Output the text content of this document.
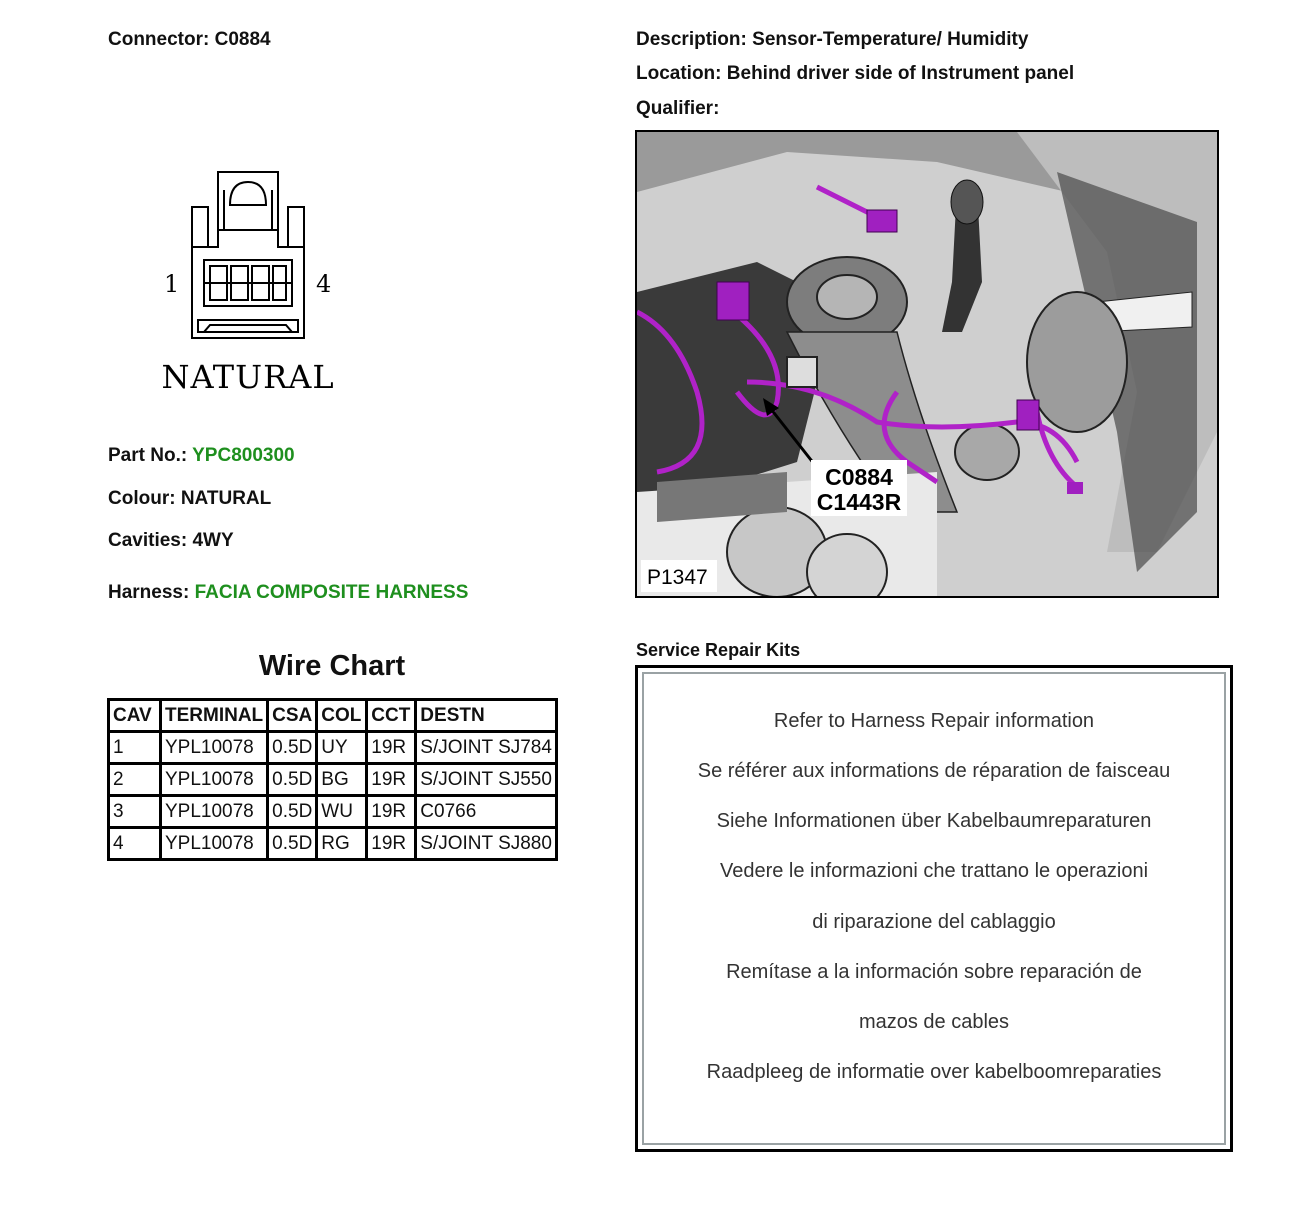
Connector: C0884	Description: Sensor-Temperature/ Humidity
Location: Behind driver side of Instrument panel
Qualifier:
1	4
NATURAL
Part No.: YPC800300
Colour: NATURAL
Cavities: 4WY
Harness: FACIA COMPOSITE HARNESS
Wire Chart
CAV	TERMINAL	CSA	COL	CCT	DESTN
1	YPL10078	0.5D	UY	19R	S/JOINT SJ784
2	YPL10078	0.5D	BG	19R	S/JOINT SJ550
3	YPL10078	0.5D	WU	19R	C0766
4	YPL10078	0.5D	RG	19R	S/JOINT SJ880
C0884
C1443R
P1347
Service Repair Kits
Refer to Harness Repair information
Se référer aux informations de réparation de faisceau
Siehe Informationen über Kabelbaumreparaturen
Vedere le informazioni che trattano le operazioni
di riparazione del cablaggio
Remítase a la información sobre reparación de
mazos de cables
Raadpleeg de informatie over kabelboomreparaties
